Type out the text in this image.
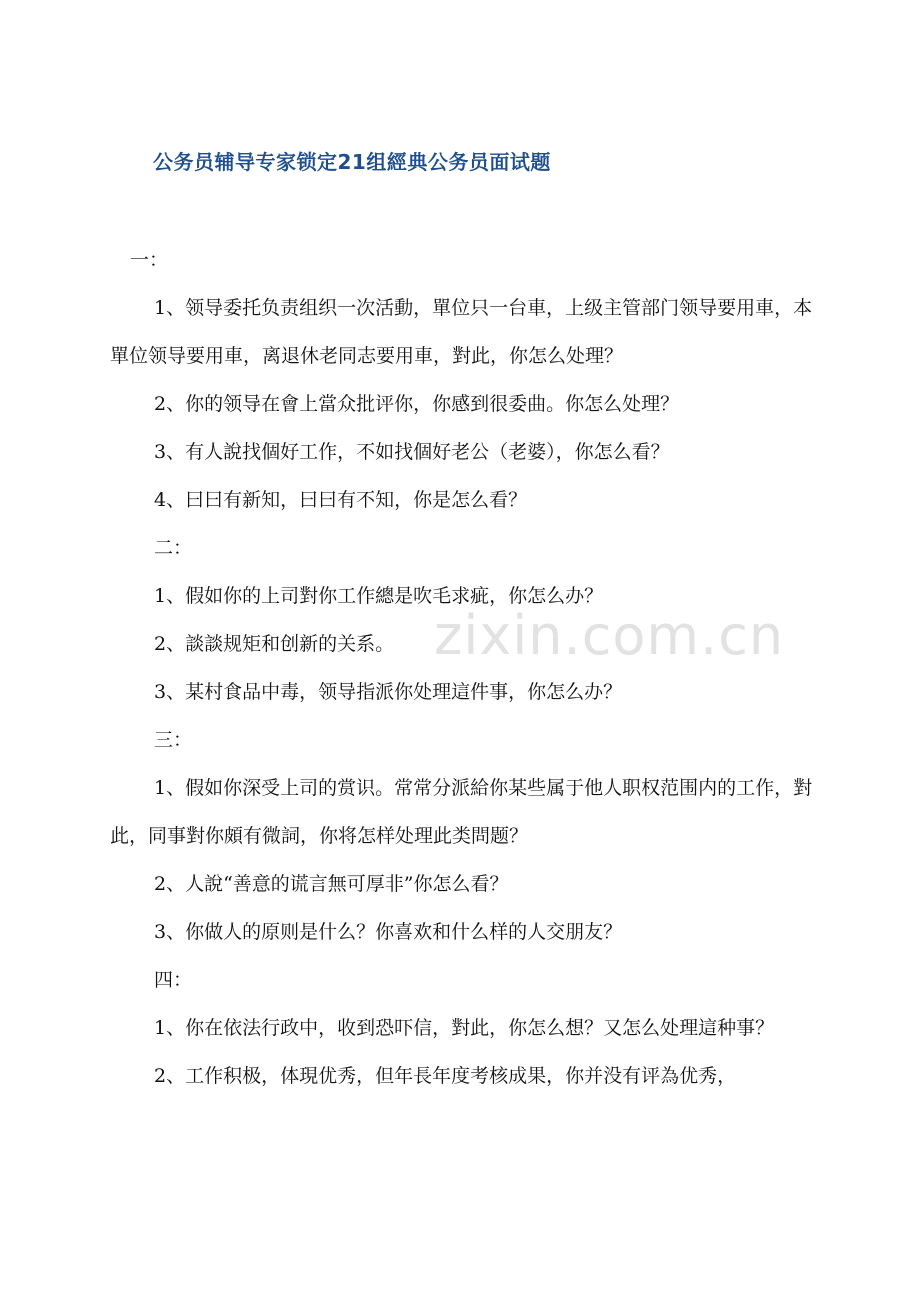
公务员辅导专家锁定21组經典公务员面试题

一：

1、领导委托负责组织一次活動，單位只一台車，上级主管部门领导要用車，本單位领导要用車，离退休老同志要用車，對此，你怎么处理？

2、你的领导在會上當众批评你，你感到很委曲。你怎么处理？

3、有人說找個好工作，不如找個好老公（老婆），你怎么看？

4、曰曰有新知，曰曰有不知，你是怎么看？

二：

1、假如你的上司對你工作總是吹毛求疵，你怎么办？

2、談談规矩和创新的关系。

3、某村食品中毒，领导指派你处理這件事，你怎么办？

三：

1、假如你深受上司的赏识。常常分派給你某些属于他人职权范围内的工作，對此，同事對你頗有微詞，你将怎样处理此类問题？

2、人說“善意的谎言無可厚非”你怎么看？

3、你做人的原则是什么？你喜欢和什么样的人交朋友？

四：

1、你在依法行政中，收到恐吓信，對此，你怎么想？又怎么处理這种事？

2、工作积极，体現优秀，但年長年度考核成果，你并没有评為优秀，

zixin.com.cn
